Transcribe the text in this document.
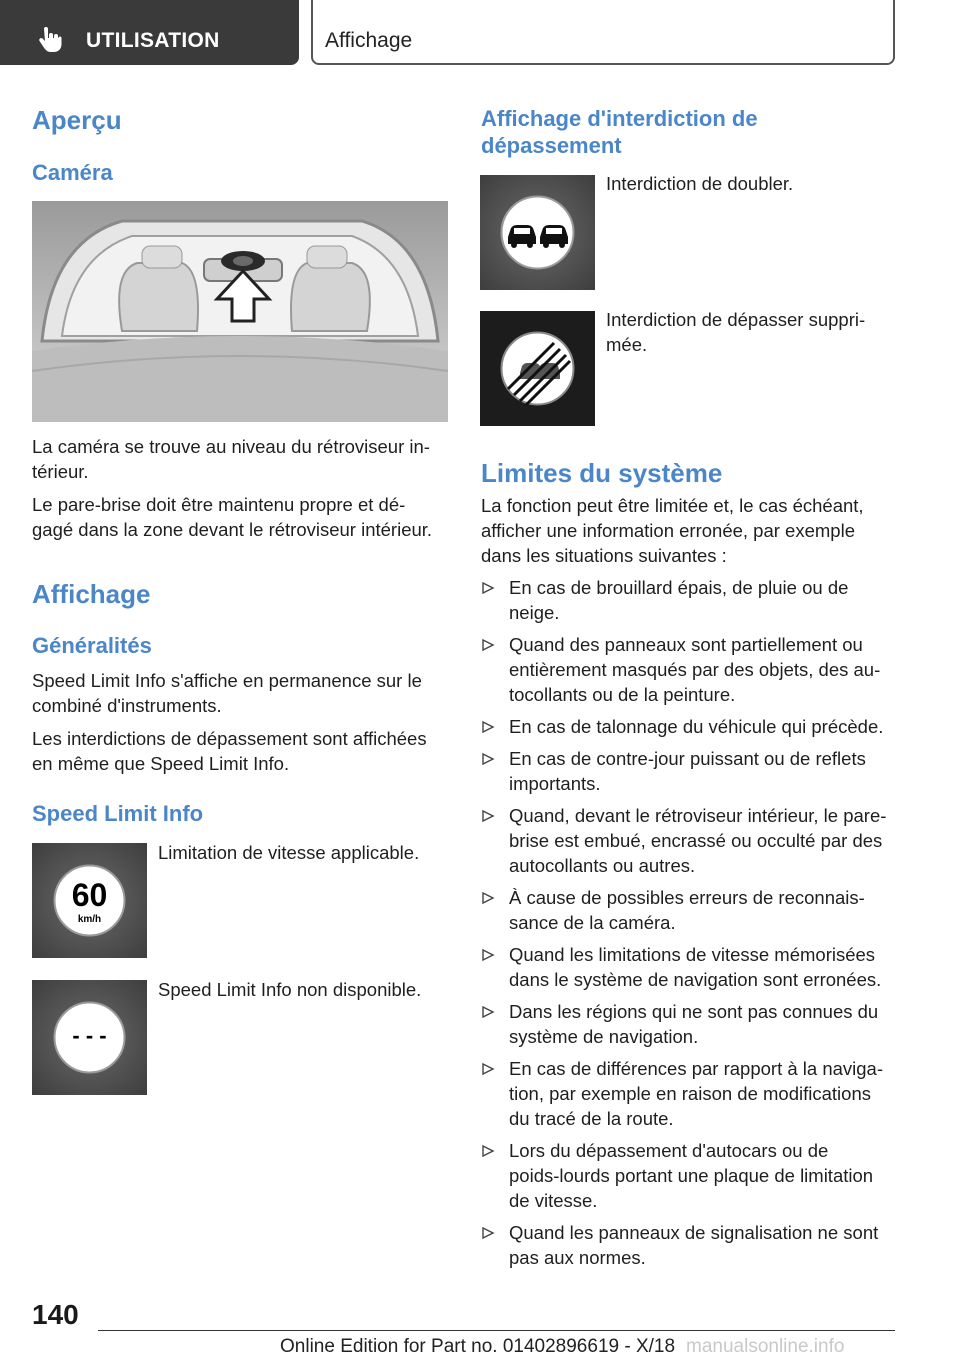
UTILISATION	Affichage
Aperçu
Caméra
La caméra se trouve au niveau du rétroviseur in‐
térieur.
Le pare-brise doit être maintenu propre et dé‐
gagé dans la zone devant le rétroviseur intérieur.
Affichage
Généralités
Speed Limit Info s'affiche en permanence sur le
combiné d'instruments.
Les interdictions de dépassement sont affichées
en même que Speed Limit Info.
Speed Limit Info
60
km/h
Limitation de vitesse applicable.
- - -
Speed Limit Info non disponible.
Affichage d'interdiction de
dépassement
Interdiction de doubler.
Interdiction de dépasser suppri‐
mée.
Limites du système
La fonction peut être limitée et, le cas échéant,
afficher une information erronée, par exemple
dans les situations suivantes :
En cas de brouillard épais, de pluie ou de
neige.
Quand des panneaux sont partiellement ou
entièrement masqués par des objets, des au‐
tocollants ou de la peinture.
En cas de talonnage du véhicule qui précède.
En cas de contre-jour puissant ou de reflets
importants.
Quand, devant le rétroviseur intérieur, le pare-
brise est embué, encrassé ou occulté par des
autocollants ou autres.
À cause de possibles erreurs de reconnais‐
sance de la caméra.
Quand les limitations de vitesse mémorisées
dans le système de navigation sont erronées.
Dans les régions qui ne sont pas connues du
système de navigation.
En cas de différences par rapport à la naviga‐
tion, par exemple en raison de modifications
du tracé de la route.
Lors du dépassement d'autocars ou de
poids-lourds portant une plaque de limitation
de vitesse.
Quand les panneaux de signalisation ne sont
pas aux normes.
140
Online Edition for Part no. 01402896619 - X/18 manualsonline.info
